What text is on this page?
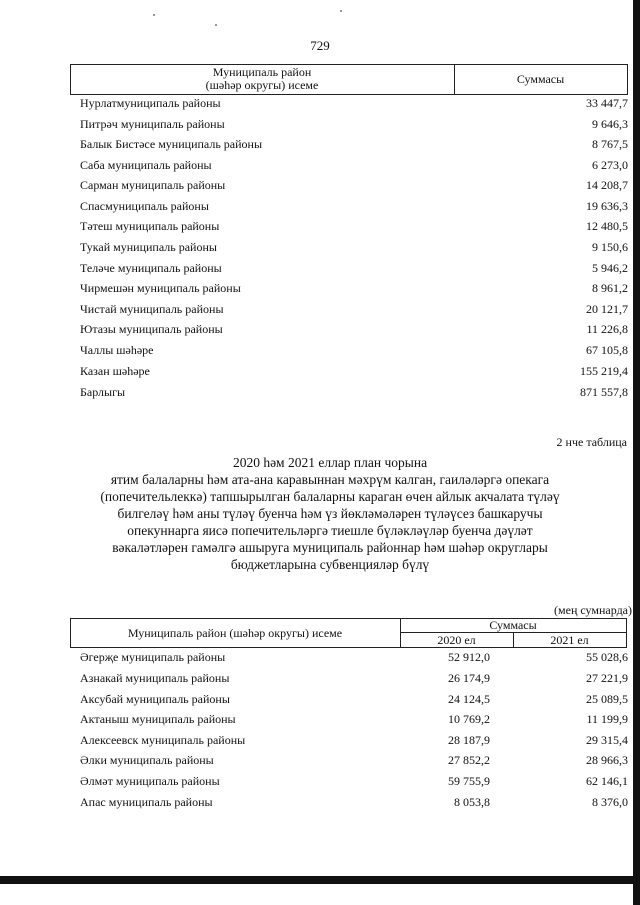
729
Муниципаль район
(шәһәр округы) исеме	Суммасы
Нурлатмуниципаль районы	33 447,7
Питрәч муниципаль районы	9 646,3
Балык Бистәсе муниципаль районы	8 767,5
Саба муниципаль районы	6 273,0
Сарман муниципаль районы	14 208,7
Спасмуниципаль районы	19 636,3
Тәтеш муниципаль районы	12 480,5
Тукай муниципаль районы	9 150,6
Теләче муниципаль районы	5 946,2
Чирмешән муниципаль районы	8 961,2
Чистай муниципаль районы	20 121,7
Ютазы муниципаль районы	11 226,8
Чаллы шәһәре	67 105,8
Казан шәһәре	155 219,4
Барлыгы	871 557,8
2 нче таблица
2020 һәм 2021 еллар план чорына
ятим балаларны һәм ата-ана каравыннан мәхрүм калган, гаиләләргә опекага
(попечительлеккә) тапшырылган балаларны караган өчен айлык акчалата түләү
билгеләү һәм аны түләү буенча һәм үз йөкләмәләрен түләүсез башкаручы
опекуннарга яисә попечительләргә тиешле бүләкләүләр буенча дәүләт
вәкаләтләрен гамәлгә ашыруга муниципаль районнар һәм шәһәр округлары
бюджетларына субвенцияләр бүлү
(мең сумнарда)
Муниципаль район (шәһәр округы) исеме
Суммасы
2020 ел	2021 ел
Әгерҗе муниципаль районы	52 912,0	55 028,6
Азнакай муниципаль районы	26 174,9	27 221,9
Аксубай муниципаль районы	24 124,5	25 089,5
Актаныш муниципаль районы	10 769,2	11 199,9
Алексеевск муниципаль районы	28 187,9	29 315,4
Әлки муниципаль районы	27 852,2	28 966,3
Әлмәт муниципаль районы	59 755,9	62 146,1
Апас муниципаль районы	8 053,8	8 376,0
